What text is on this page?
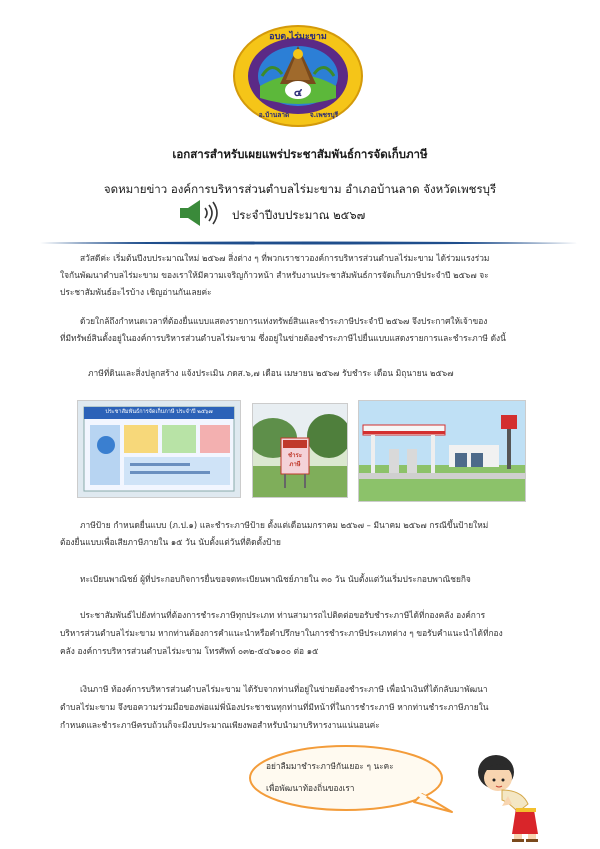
อบต.ไร่มะขาม
๔
อ.บ้านลาด	จ.เพชรบุรี
เอกสารสำหรับเผยแพร่ประชาสัมพันธ์การจัดเก็บภาษี
จดหมายข่าว องค์การบริหารส่วนตำบลไร่มะขาม อำเภอบ้านลาด จังหวัดเพชรบุรี
ประจำปีงบประมาณ ๒๕๖๗
สวัสดีค่ะ เริ่มต้นปีงบประมาณใหม่ ๒๕๖๗ สิ่งต่าง ๆ ที่พวกเราชาวองค์การบริหารส่วนตำบลไร่มะขาม ได้ร่วมแรงร่วม
ใจกันพัฒนาตำบลไร่มะขาม ของเราให้มีความเจริญก้าวหน้า สำหรับงานประชาสัมพันธ์การจัดเก็บภาษีประจำปี ๒๕๖๗ จะ
ประชาสัมพันธ์อะไรบ้าง เชิญอ่านกันเลยค่ะ
ด้วยใกล้ถึงกำหนดเวลาที่ต้องยื่นแบบแสดงรายการแห่งทรัพย์สินและชำระภาษีประจำปี ๒๕๖๗ จึงประกาศให้เจ้าของ
ที่มีทรัพย์สินตั้งอยู่ในองค์การบริหารส่วนตำบลไร่มะขาม ซึ่งอยู่ในข่ายต้องชำระภาษีไปยื่นแบบแสดงรายการและชำระภาษี ดังนี้
ภาษีที่ดินและสิ่งปลูกสร้าง แจ้งประเมิน ภดส.๖,๗ เดือน เมษายน ๒๕๖๗ รับชำระ เดือน มิถุนายน ๒๕๖๗
ประชาสัมพันธ์การจัดเก็บภาษี ประจำปี ๒๕๖๗
ชำระ
ภาษี
ภาษีป้าย กำหนดยื่นแบบ (ภ.ป.๑) และชำระภาษีป้าย ตั้งแต่เดือนมกราคม ๒๕๖๗ – มีนาคม ๒๕๖๗ กรณีขึ้นป้ายใหม่
ต้องยื่นแบบเพื่อเสียภาษีภายใน ๑๕ วัน นับตั้งแต่วันที่ติดตั้งป้าย
ทะเบียนพาณิชย์ ผู้ที่ประกอบกิจการยื่นขอจดทะเบียนพาณิชย์ภายใน ๓๐ วัน นับตั้งแต่วันเริ่มประกอบพาณิชยกิจ
ประชาสัมพันธ์ไปยังท่านที่ต้องการชำระภาษีทุกประเภท ท่านสามารถไปติดต่อขอรับชำระภาษีได้ที่กองคลัง องค์การ
บริหารส่วนตำบลไร่มะขาม หากท่านต้องการคำแนะนำหรือคำปรึกษาในการชำระภาษีประเภทต่าง ๆ ขอรับคำแนะนำได้ที่กอง
คลัง องค์การบริหารส่วนตำบลไร่มะขาม โทรศัพท์ ๐๓๒-๕๔๖๑๐๐ ต่อ ๑๕
เงินภาษี ท้องค์การบริหารส่วนตำบลไร่มะขาม ได้รับจากท่านที่อยู่ในข่ายต้องชำระภาษี เพื่อนำเงินที่ได้กลับมาพัฒนา
ตำบลไร่มะขาม จึงขอความร่วมมือของพ่อแม่พี่น้องประชาชนทุกท่านที่มีหน้าที่ในการชำระภาษี หากท่านชำระภาษีภายใน
กำหนดและชำระภาษีครบถ้วนก็จะมีงบประมาณเพียงพอสำหรับนำมาบริหารงานแน่นอนค่ะ
อย่าลืมมาชำระภาษีกันเยอะ ๆ นะคะ
เพื่อพัฒนาท้องถิ่นของเรา
